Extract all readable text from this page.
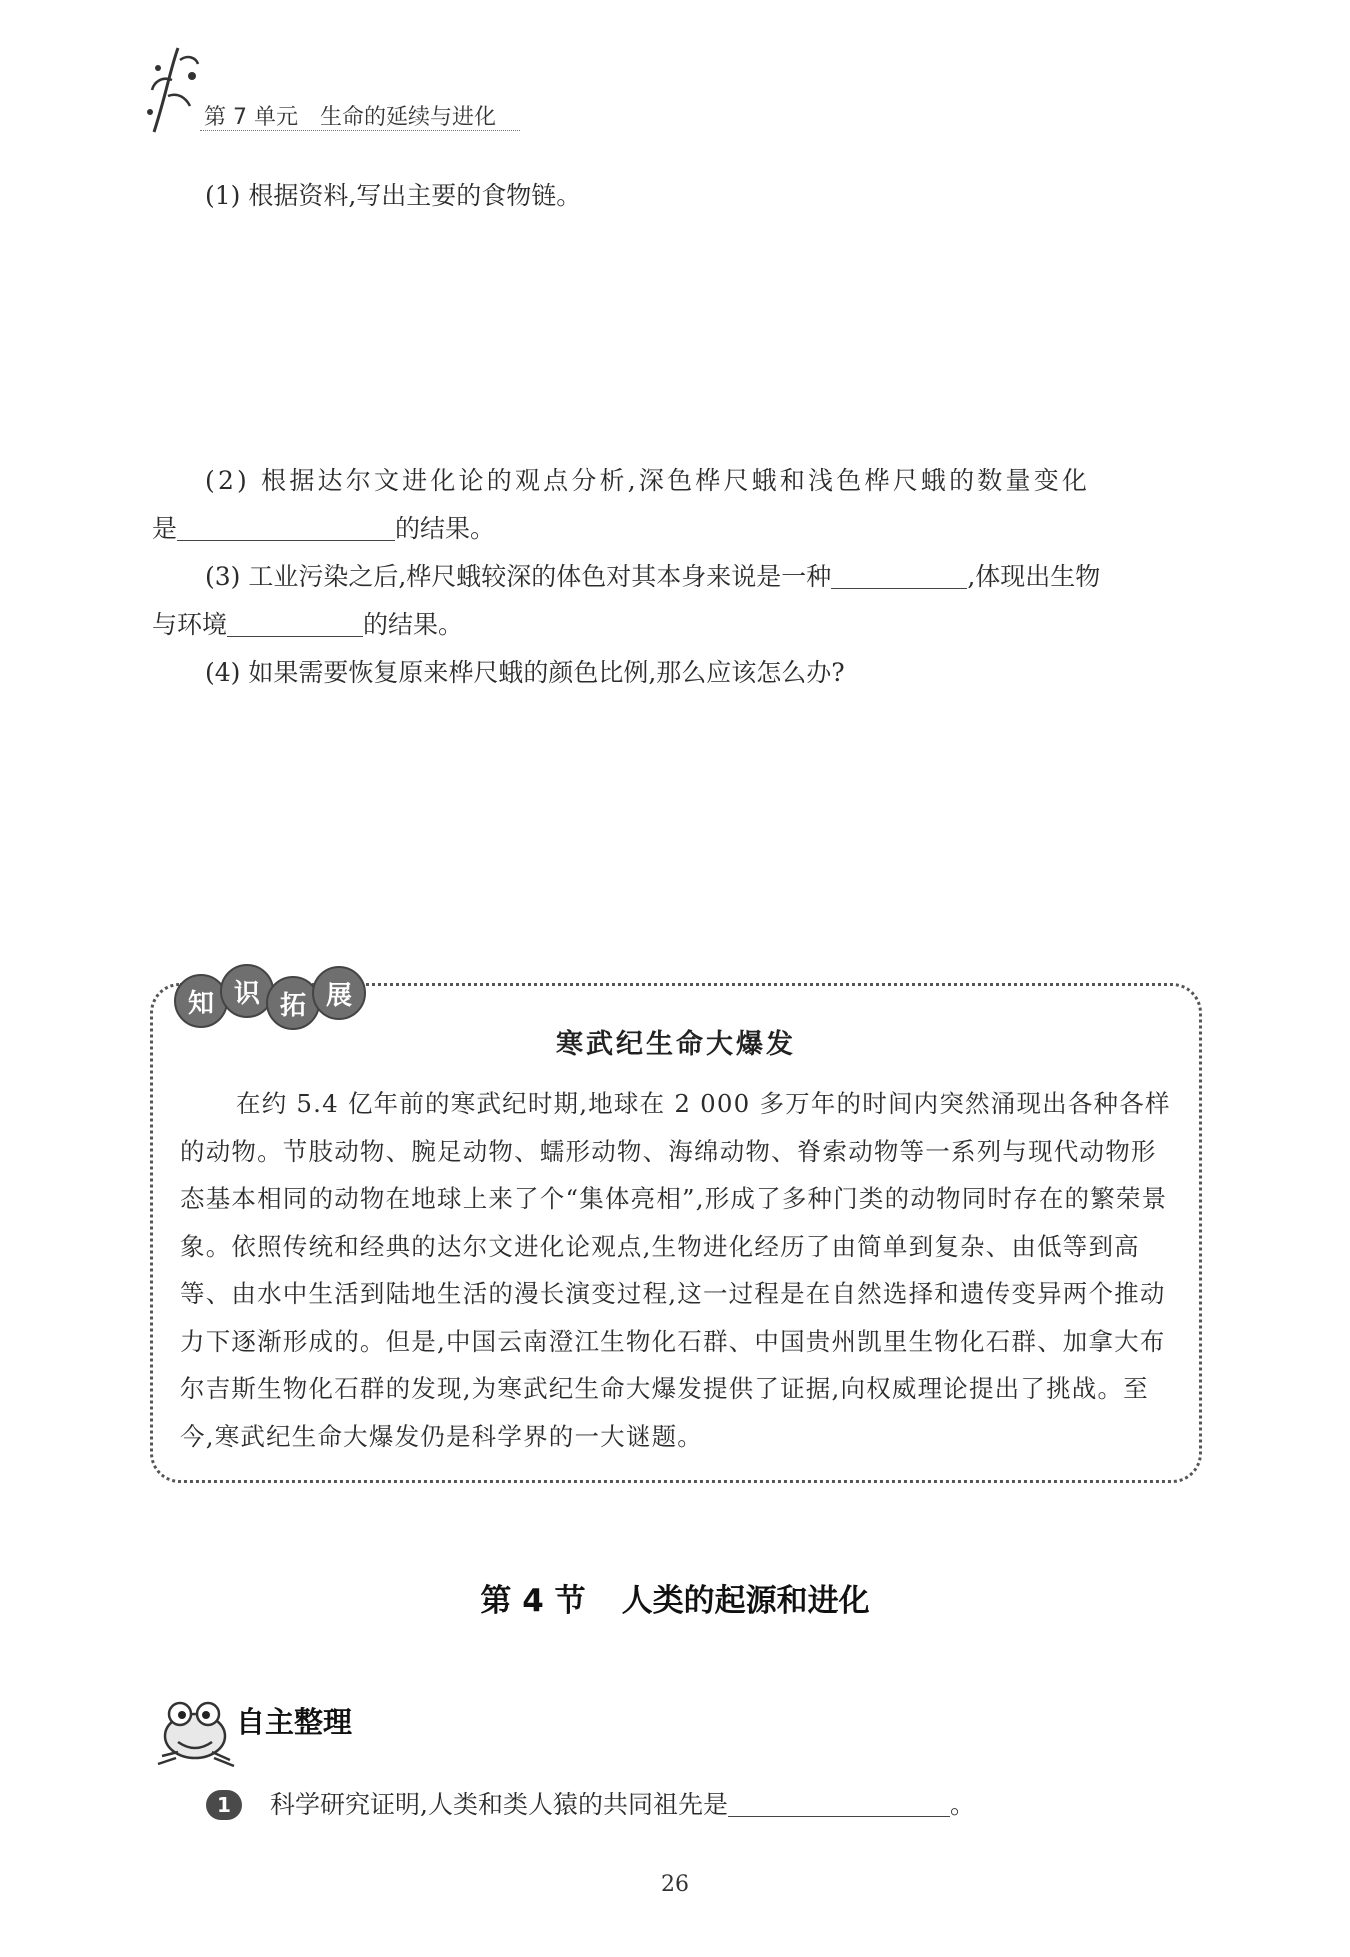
第 7 单元 生命的延续与进化
(1) 根据资料,写出主要的食物链。
(2) 根据达尔文进化论的观点分析,深色桦尺蛾和浅色桦尺蛾的数量变化
是	的结果。
(3) 工业污染之后,桦尺蛾较深的体色对其本身来说是一种	,体现出生物
与环境	的结果。
(4) 如果需要恢复原来桦尺蛾的颜色比例,那么应该怎么办?
知 识 拓 展
寒武纪生命大爆发
在约 5.4 亿年前的寒武纪时期,地球在 2 000 多万年的时间内突然涌现出各种各样的动物。节肢动物、腕足动物、蠕形动物、海绵动物、脊索动物等一系列与现代动物形态基本相同的动物在地球上来了个“集体亮相”,形成了多种门类的动物同时存在的繁荣景象。依照传统和经典的达尔文进化论观点,生物进化经历了由简单到复杂、由低等到高等、由水中生活到陆地生活的漫长演变过程,这一过程是在自然选择和遗传变异两个推动力下逐渐形成的。但是,中国云南澄江生物化石群、中国贵州凯里生物化石群、加拿大布尔吉斯生物化石群的发现,为寒武纪生命大爆发提供了证据,向权威理论提出了挑战。至今,寒武纪生命大爆发仍是科学界的一大谜题。
第 4 节 人类的起源和进化
自主整理
1	科学研究证明,人类和类人猿的共同祖先是	。
26
